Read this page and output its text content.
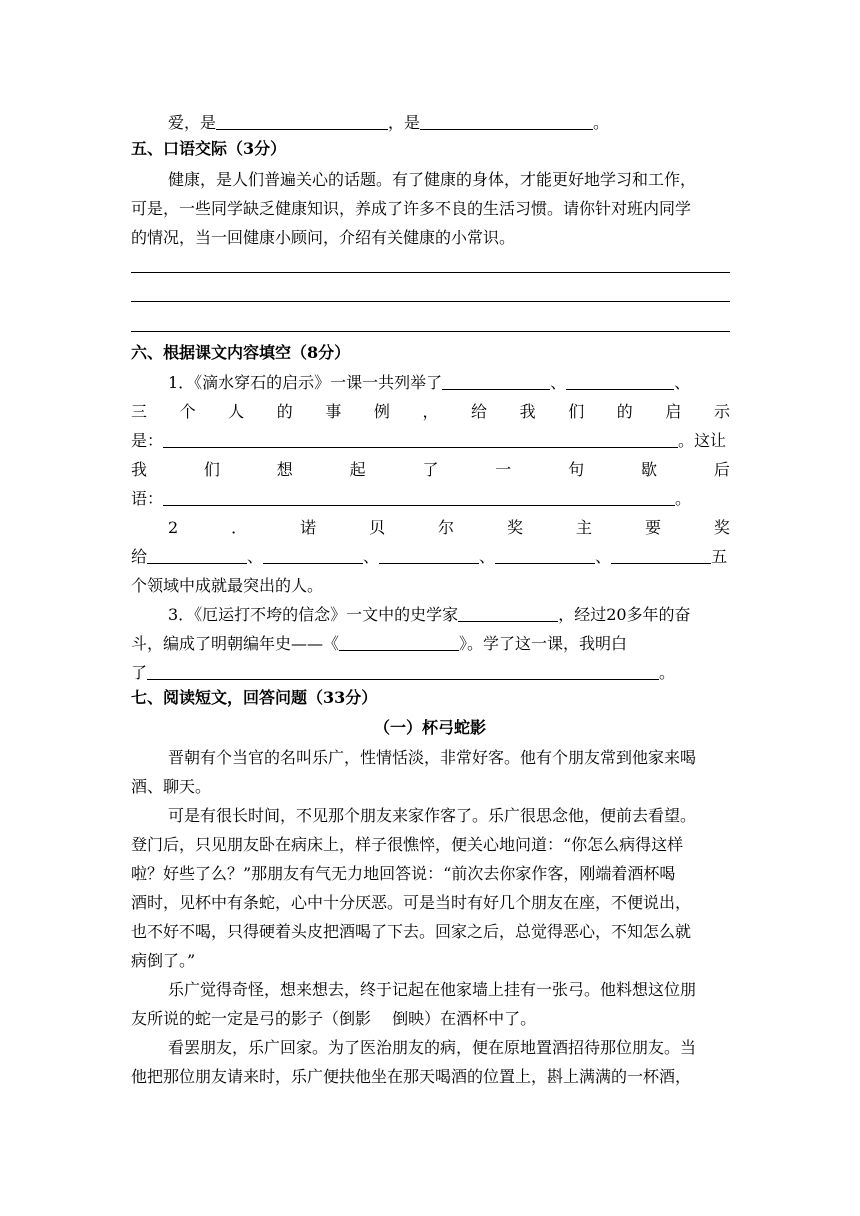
爱，是	，是	。
五、口语交际（3分）
健康，是人们普遍关心的话题。有了健康的身体，才能更好地学习和工作，
可是，一些同学缺乏健康知识，养成了许多不良的生活习惯。请你针对班内同学
的情况，当一回健康小顾问，介绍有关健康的小常识。
六、根据课文内容填空（8分）
1．《滴水穿石的启示》一课一共列举了	、	、
三 个 人 的 事 例 ， 给 我 们 的 启 示
是：	。这让
我	们	想	起	了	一	句	歇	后
语：	。
2	．	诺	贝	尔	奖	主	要	奖
给	、	、	、	、	五
个领域中成就最突出的人。
3．《厄运打不垮的信念》一文中的史学家	，经过20多年的奋
斗，编成了明朝编年史——《	》。学了这一课，我明白
了	。
七、阅读短文，回答问题（33分）
（一）杯弓蛇影
晋朝有个当官的名叫乐广，性情恬淡，非常好客。他有个朋友常到他家来喝
酒、聊天。
可是有很长时间，不见那个朋友来家作客了。乐广很思念他，便前去看望。
登门后，只见朋友卧在病床上，样子很憔悴，便关心地问道：“你怎么病得这样
啦？好些了么？”那朋友有气无力地回答说：“前次去你家作客，刚端着酒杯喝
酒时，见杯中有条蛇，心中十分厌恶。可是当时有好几个朋友在座，不便说出，
也不好不喝，只得硬着头皮把酒喝了下去。回家之后，总觉得恶心，不知怎么就
病倒了。”
乐广觉得奇怪，想来想去，终于记起在他家墙上挂有一张弓。他料想这位朋
友所说的蛇一定是弓的影子（倒影　 倒映）在酒杯中了。
看罢朋友，乐广回家。为了医治朋友的病，便在原地置酒招待那位朋友。当
他把那位朋友请来时，乐广便扶他坐在那天喝酒的位置上，斟上满满的一杯酒，
